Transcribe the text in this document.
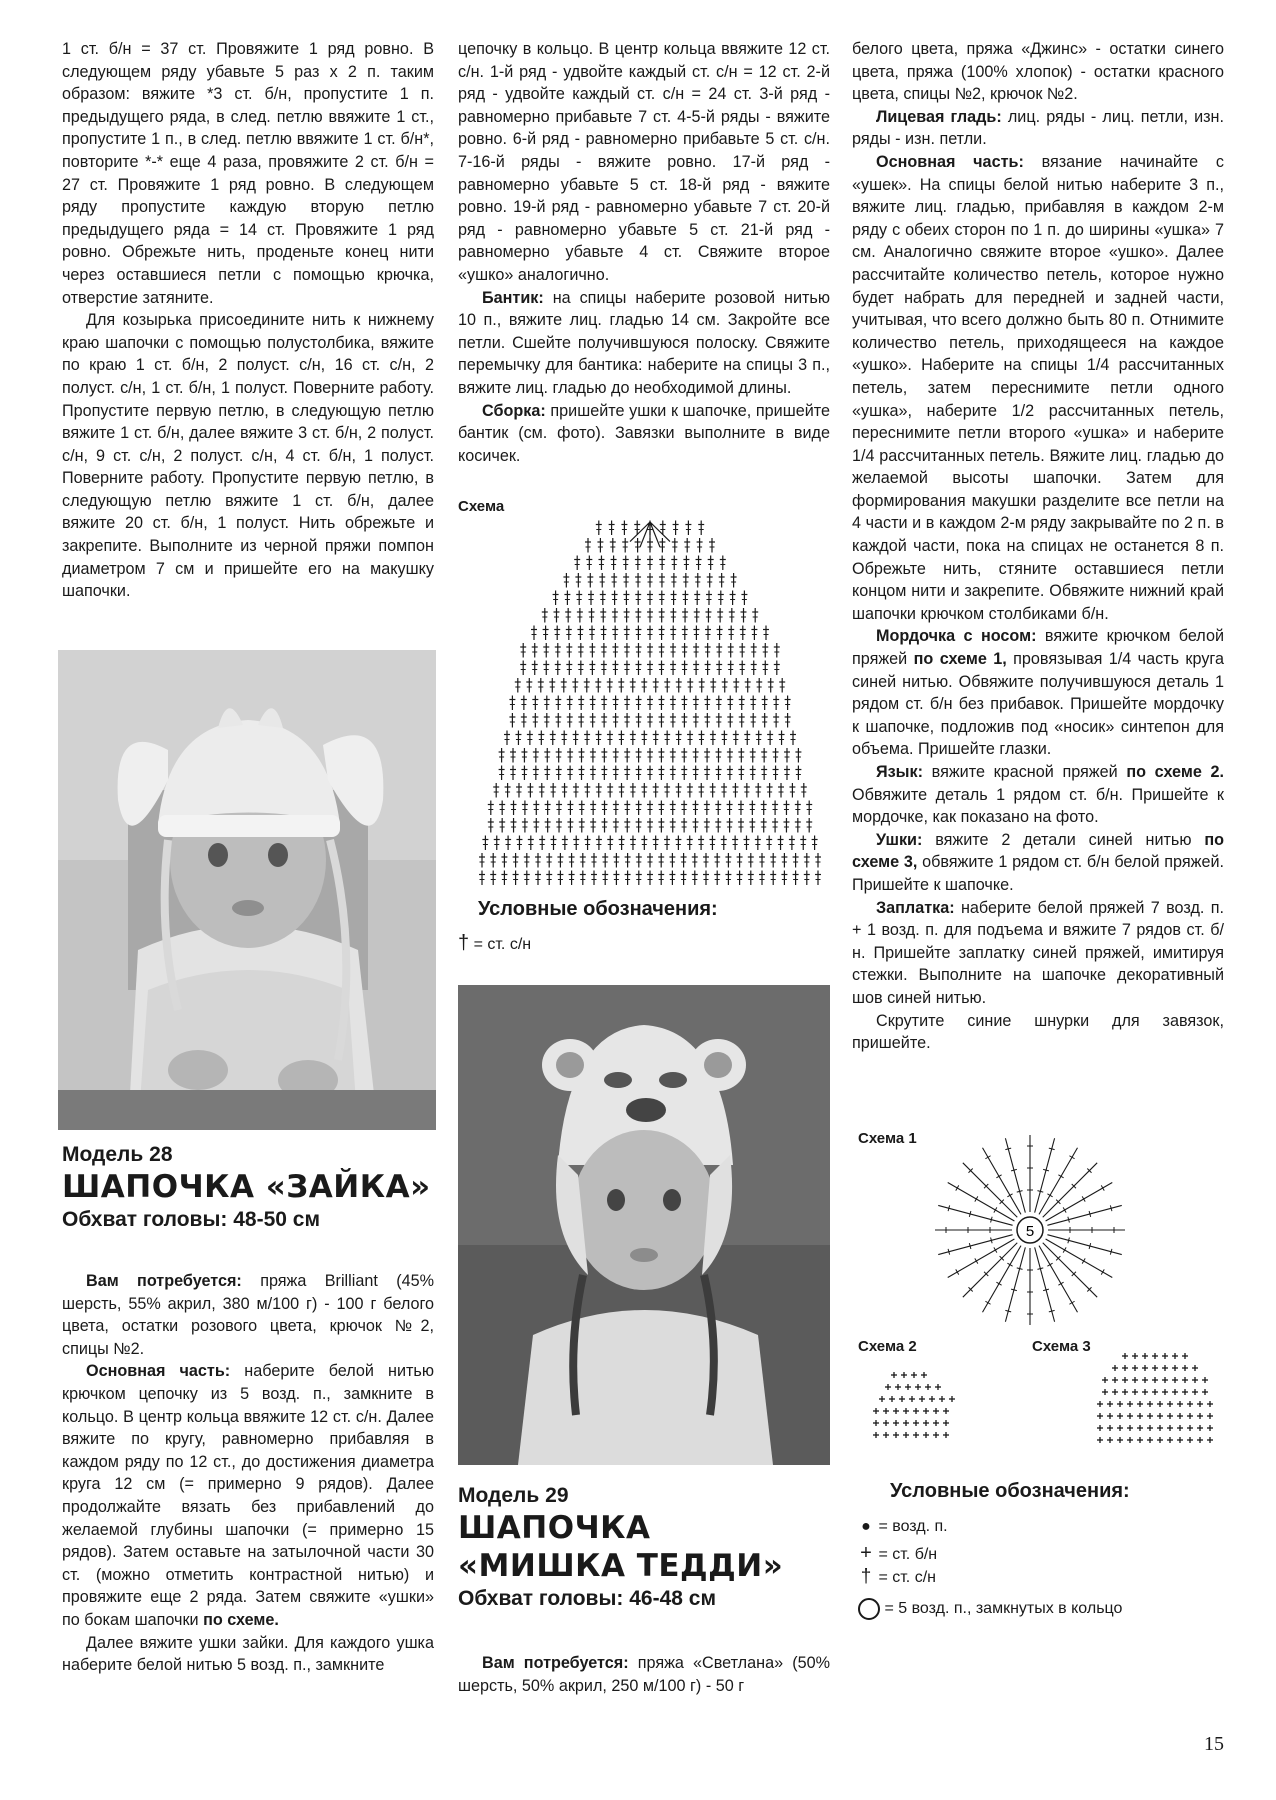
1 ст. б/н = 37 ст. Провяжите 1 ряд ровно. В следующем ряду убавьте 5 раз x 2 п. таким образом: вяжите *3 ст. б/н, пропустите 1 п. предыдущего ряда, в след. петлю ввяжите 1 ст., пропустите 1 п., в след. петлю ввяжите 1 ст. б/н*, повторите *-* еще 4 раза, провяжите 2 ст. б/н = 27 ст. Провяжите 1 ряд ровно. В следующем ряду пропустите каждую вторую петлю предыдущего ряда = 14 ст. Провяжите 1 ряд ровно. Обрежьте нить, проденьте конец нити через оставшиеся петли с помощью крючка, отверстие затяните.

Для козырька присоедините нить к нижнему краю шапочки с помощью полустолбика, вяжите по краю 1 ст. б/н, 2 полуст. с/н, 16 ст. с/н, 2 полуст. с/н, 1 ст. б/н, 1 полуст. Поверните работу. Пропустите первую петлю, в следующую петлю вяжите 1 ст. б/н, далее вяжите 3 ст. б/н, 2 полуст. с/н, 9 ст. с/н, 2 полуст. с/н, 4 ст. б/н, 1 полуст. Поверните работу. Пропустите первую петлю, в следующую петлю вяжите 1 ст. б/н, далее вяжите 20 ст. б/н, 1 полуст. Нить обрежьте и закрепите. Выполните из черной пряжи помпон диаметром 7 см и пришейте его на макушку шапочки.

Модель 28
ШАПОЧКА «ЗАЙКА»
Обхват головы: 48-50 см

Вам потребуется: пряжа Brilliant (45% шерсть, 55% акрил, 380 м/100 г) - 100 г белого цвета, остатки розового цвета, крючок №2, спицы №2.

Основная часть: наберите белой нитью крючком цепочку из 5 возд. п., замкните в кольцо. В центр кольца ввяжите 12 ст. с/н. Далее вяжите по кругу, равномерно прибавляя в каждом ряду по 12 ст., до достижения диаметра круга 12 см (= примерно 9 рядов). Далее продолжайте вязать без прибавлений до желаемой глубины шапочки (= примерно 15 рядов). Затем оставьте на затылочной части 30 ст. (можно отметить контрастной нитью) и провяжите еще 2 ряда. Затем свяжите «ушки» по бокам шапочки по схеме.

Далее вяжите ушки зайки. Для каждого ушка наберите белой нитью 5 возд. п., замкните

цепочку в кольцо. В центр кольца ввяжите 12 ст. с/н. 1-й ряд - удвойте каждый ст. с/н = 12 ст. 2-й ряд - удвойте каждый ст. с/н = 24 ст. 3-й ряд - равномерно прибавьте 7 ст. 4-5-й ряды - вяжите ровно. 6-й ряд - равномерно прибавьте 5 ст. с/н. 7-16-й ряды - вяжите ровно. 17-й ряд - равномерно убавьте 5 ст. 18-й ряд - вяжите ровно. 19-й ряд - равномерно убавьте 7 ст. 20-й ряд - равномерно убавьте 5 ст. 21-й ряд - равномерно убавьте 4 ст. Свяжите второе «ушко» аналогично.

Бантик: на спицы наберите розовой нитью 10 п., вяжите лиц. гладью 14 см. Закройте все петли. Сшейте получившуюся полоску. Свяжите перемычку для бантика: наберите на спицы 3 п., вяжите лиц. гладью до необходимой длины.

Сборка: пришейте ушки к шапочке, пришейте бантик (см. фото). Завязки выполните в виде косичек.

Схема
Условные обозначения:
† = ст. с/н
Модель 29
ШАПОЧКА
«МИШКА ТЕДДИ»
Обхват головы: 46-48 см

Вам потребуется: пряжа «Светлана» (50% шерсть, 50% акрил, 250 м/100 г) - 50 г

белого цвета, пряжа «Джинс» - остатки синего цвета, пряжа (100% хлопок) - остатки красного цвета, спицы №2, крючок №2.

Лицевая гладь: лиц. ряды - лиц. петли, изн. ряды - изн. петли.

Основная часть: вязание начинайте с «ушек». На спицы белой нитью наберите 3 п., вяжите лиц. гладью, прибавляя в каждом 2-м ряду с обеих сторон по 1 п. до ширины «ушка» 7 см. Аналогично свяжите второе «ушко». Далее рассчитайте количество петель, которое нужно будет набрать для передней и задней части, учитывая, что всего должно быть 80 п. Отнимите количество петель, приходящееся на каждое «ушко». Наберите на спицы 1/4 рассчитанных петель, затем переснимите петли одного «ушка», наберите 1/2 рассчитанных петель, переснимите петли второго «ушка» и наберите 1/4 рассчитанных петель. Вяжите лиц. гладью до желаемой высоты шапочки. Затем для формирования макушки разделите все петли на 4 части и в каждом 2-м ряду закрывайте по 2 п. в каждой части, пока на спицах не останется 8 п. Обрежьте нить, стяните оставшиеся петли концом нити и закрепите. Обвяжите нижний край шапочки крючком столбиками б/н.

Мордочка с носом: вяжите крючком белой пряжей по схеме 1, провязывая 1/4 часть круга синей нитью. Обвяжите получившуюся деталь 1 рядом ст. б/н без прибавок. Пришейте мордочку к шапочке, подложив под «носик» синтепон для объема. Пришейте глазки.

Язык: вяжите красной пряжей по схеме 2. Обвяжите деталь 1 рядом ст. б/н. Пришейте к мордочке, как показано на фото.

Ушки: вяжите 2 детали синей нитью по схеме 3, обвяжите 1 рядом ст. б/н белой пряжей. Пришейте к шапочке.

Заплатка: наберите белой пряжей 7 возд. п. + 1 возд. п. для подъема и вяжите 7 рядов ст. б/н. Пришейте заплатку синей пряжей, имитируя стежки. Выполните на шапочке декоративный шов синей нитью.

Скрутите синие шнурки для завязок, пришейте.

Схема 1
5
Схема 2	Схема 3
Условные обозначения:
● = возд. п.
+ = ст. б/н
† = ст. с/н
= 5 возд. п., замкнутых в кольцо
15
